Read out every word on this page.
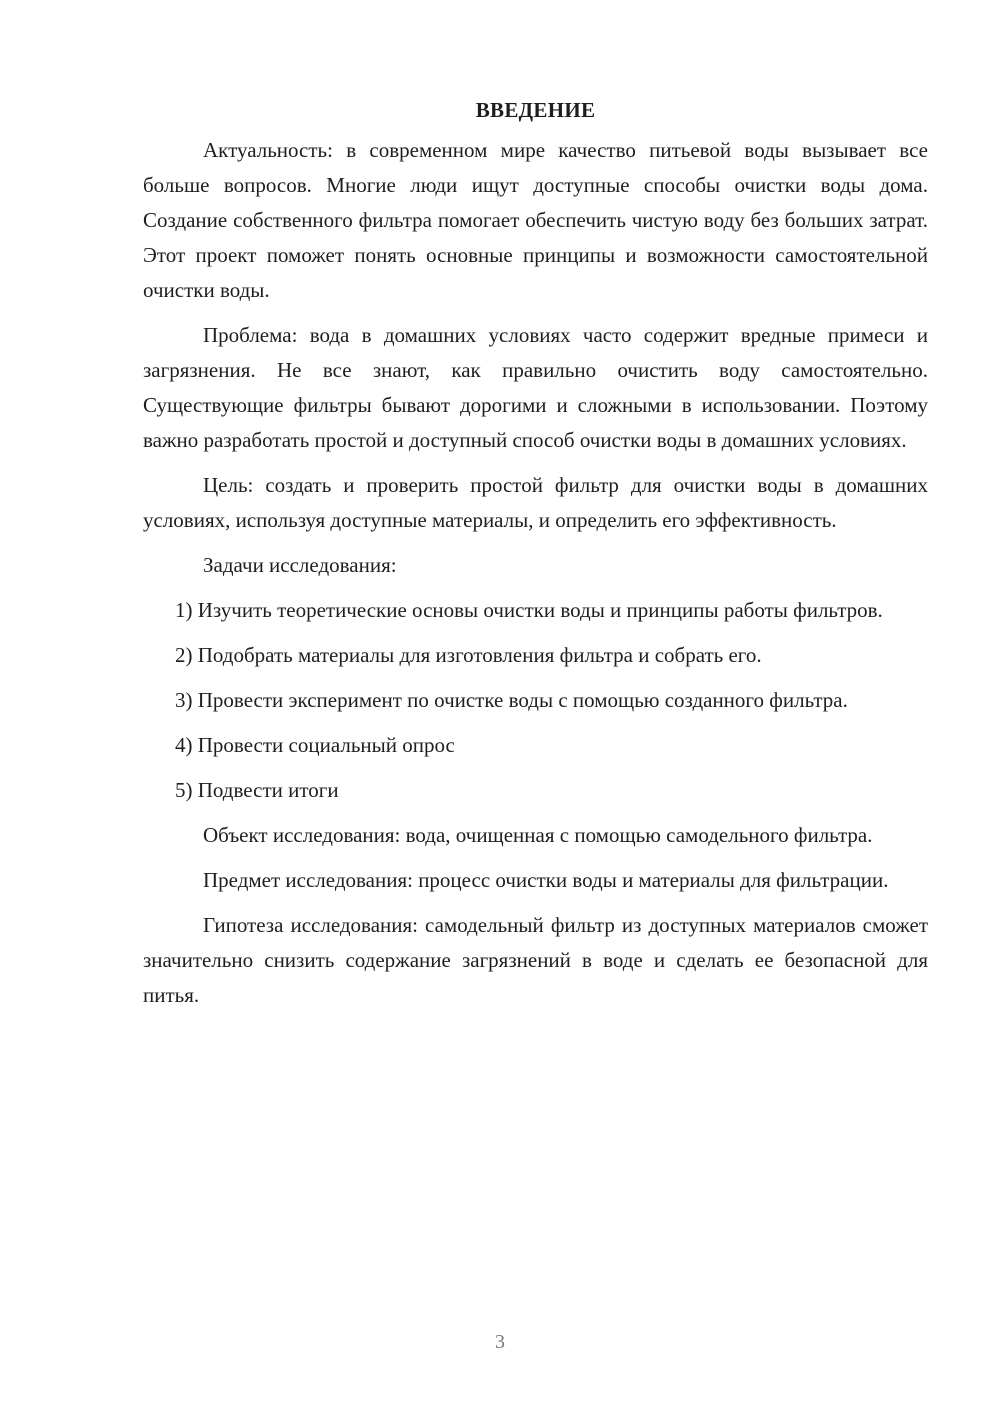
ВВЕДЕНИЕ

Актуальность: в современном мире качество питьевой воды вызывает все больше вопросов. Многие люди ищут доступные способы очистки воды дома. Создание собственного фильтра помогает обеспечить чистую воду без больших затрат. Этот проект поможет понять основные принципы и возможности самостоятельной очистки воды.

Проблема: вода в домашних условиях часто содержит вредные примеси и загрязнения. Не все знают, как правильно очистить воду самостоятельно. Существующие фильтры бывают дорогими и сложными в использовании. Поэтому важно разработать простой и доступный способ очистки воды в домашних условиях.

Цель: создать и проверить простой фильтр для очистки воды в домашних условиях, используя доступные материалы, и определить его эффективность.

Задачи исследования:

1) Изучить теоретические основы очистки воды и принципы работы фильтров.

2) Подобрать материалы для изготовления фильтра и собрать его.

3) Провести эксперимент по очистке воды с помощью созданного фильтра.

4) Провести социальный опрос

5) Подвести итоги

Объект исследования: вода, очищенная с помощью самодельного фильтра.

Предмет исследования: процесс очистки воды и материалы для фильтрации.

Гипотеза исследования: самодельный фильтр из доступных материалов сможет значительно снизить содержание загрязнений в воде и сделать ее безопасной для питья.

3
